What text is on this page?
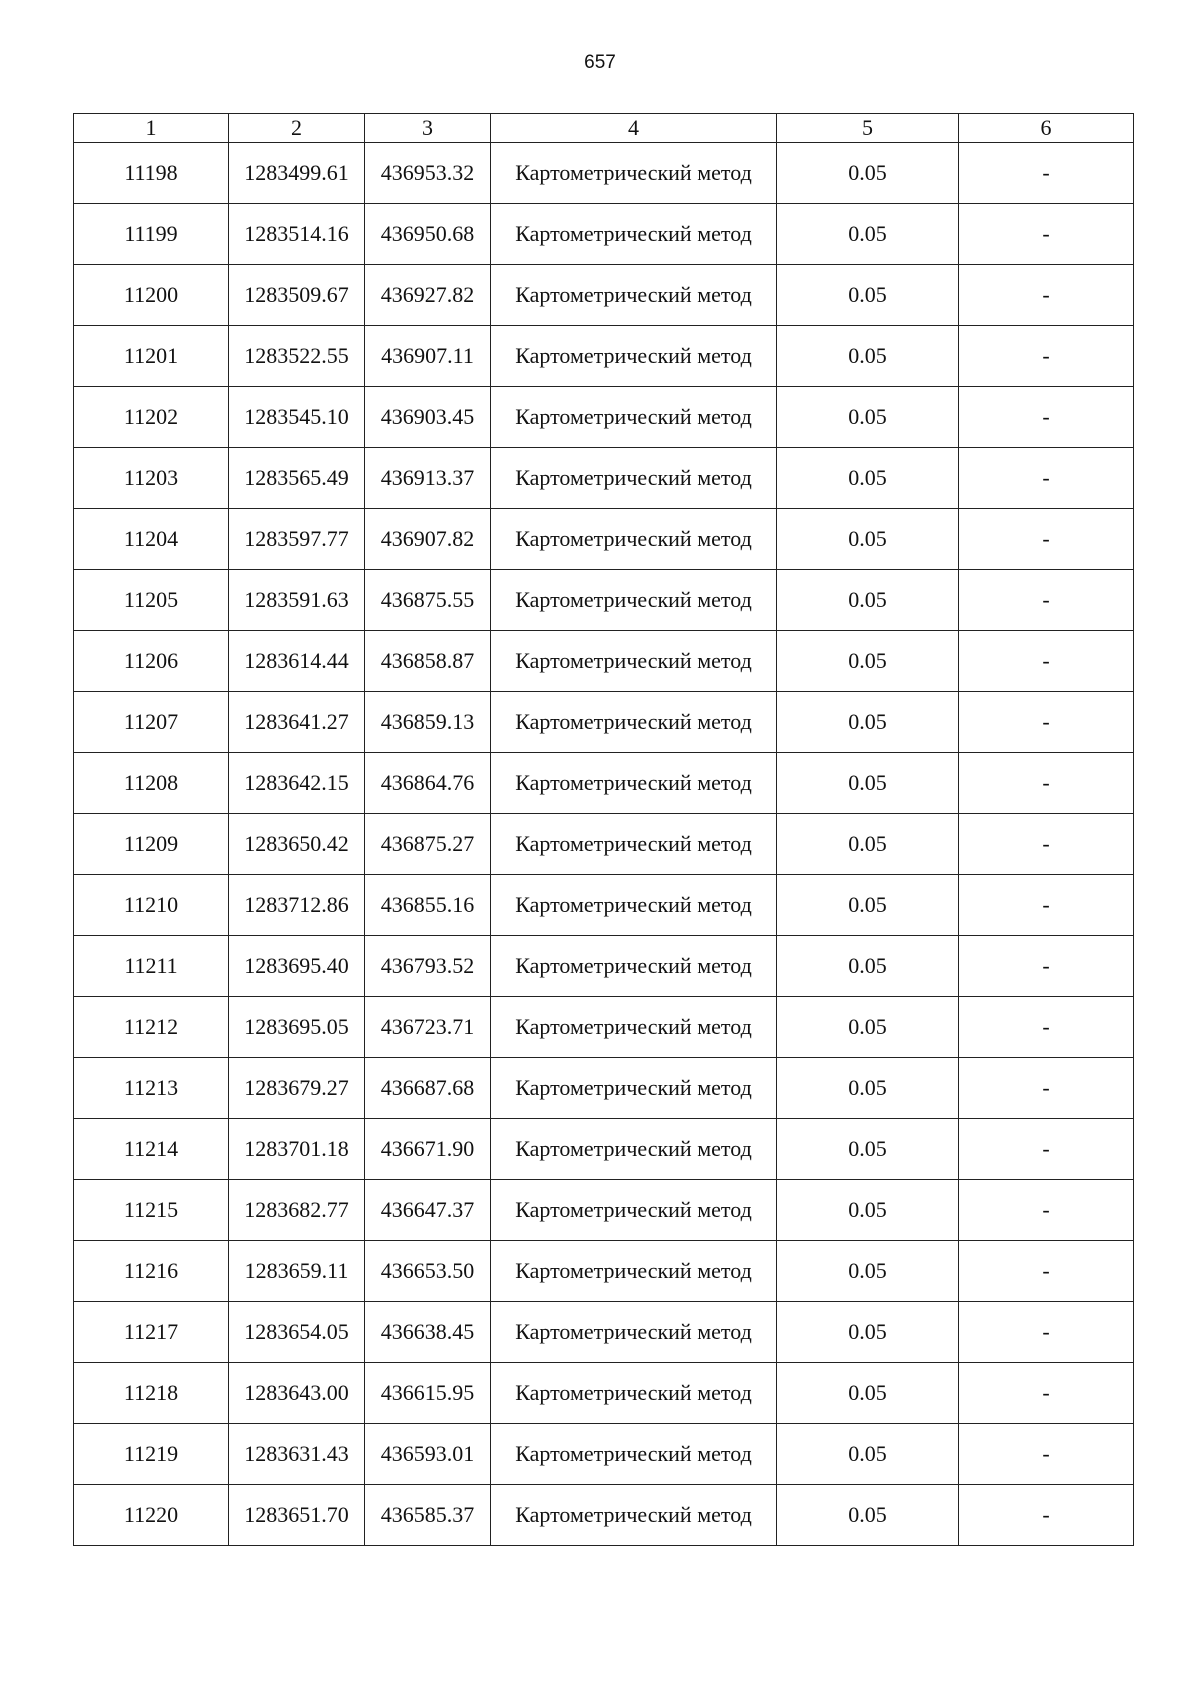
657
1	2	3	4	5	6
11198	1283499.61	436953.32	Картометрический метод	0.05	-
11199	1283514.16	436950.68	Картометрический метод	0.05	-
11200	1283509.67	436927.82	Картометрический метод	0.05	-
11201	1283522.55	436907.11	Картометрический метод	0.05	-
11202	1283545.10	436903.45	Картометрический метод	0.05	-
11203	1283565.49	436913.37	Картометрический метод	0.05	-
11204	1283597.77	436907.82	Картометрический метод	0.05	-
11205	1283591.63	436875.55	Картометрический метод	0.05	-
11206	1283614.44	436858.87	Картометрический метод	0.05	-
11207	1283641.27	436859.13	Картометрический метод	0.05	-
11208	1283642.15	436864.76	Картометрический метод	0.05	-
11209	1283650.42	436875.27	Картометрический метод	0.05	-
11210	1283712.86	436855.16	Картометрический метод	0.05	-
11211	1283695.40	436793.52	Картометрический метод	0.05	-
11212	1283695.05	436723.71	Картометрический метод	0.05	-
11213	1283679.27	436687.68	Картометрический метод	0.05	-
11214	1283701.18	436671.90	Картометрический метод	0.05	-
11215	1283682.77	436647.37	Картометрический метод	0.05	-
11216	1283659.11	436653.50	Картометрический метод	0.05	-
11217	1283654.05	436638.45	Картометрический метод	0.05	-
11218	1283643.00	436615.95	Картометрический метод	0.05	-
11219	1283631.43	436593.01	Картометрический метод	0.05	-
11220	1283651.70	436585.37	Картометрический метод	0.05	-
